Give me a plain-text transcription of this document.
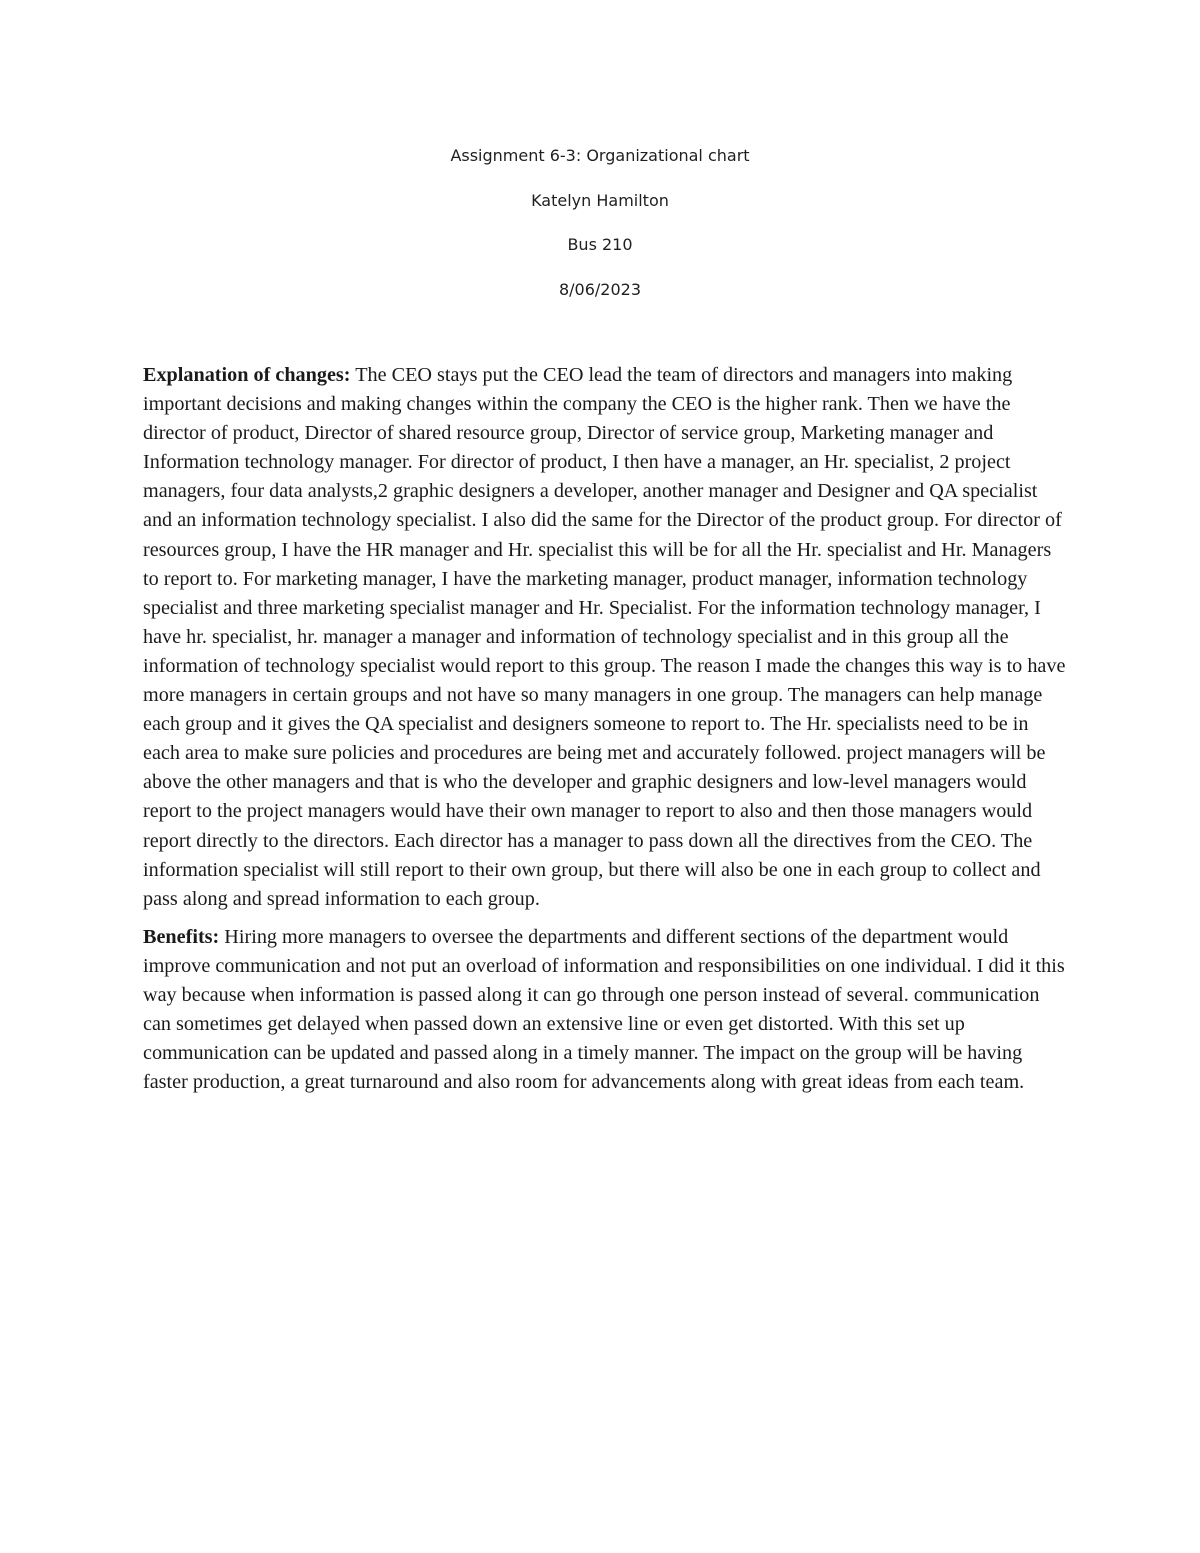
Assignment 6-3: Organizational chart

Katelyn Hamilton

Bus 210

8/06/2023

Explanation of changes: The CEO stays put the CEO lead the team of directors and managers into making important decisions and making changes within the company the CEO is the higher rank. Then we have the director of product, Director of shared resource group, Director of service group, Marketing manager and Information technology manager. For director of product, I then have a manager, an Hr. specialist, 2 project managers, four data analysts,2 graphic designers a developer, another manager and Designer and QA specialist and an information technology specialist. I also did the same for the Director of the product group. For director of resources group, I have the HR manager and Hr. specialist this will be for all the Hr. specialist and Hr. Managers to report to. For marketing manager, I have the marketing manager, product manager, information technology specialist and three marketing specialist manager and Hr. Specialist. For the information technology manager, I have hr. specialist, hr. manager a manager and information of technology specialist and in this group all the information of technology specialist would report to this group. The reason I made the changes this way is to have more managers in certain groups and not have so many managers in one group. The managers can help manage each group and it gives the QA specialist and designers someone to report to. The Hr. specialists need to be in each area to make sure policies and procedures are being met and accurately followed. project managers will be above the other managers and that is who the developer and graphic designers and low-level managers would report to the project managers would have their own manager to report to also and then those managers would report directly to the directors. Each director has a manager to pass down all the directives from the CEO. The information specialist will still report to their own group, but there will also be one in each group to collect and pass along and spread information to each group.

Benefits: Hiring more managers to oversee the departments and different sections of the department would improve communication and not put an overload of information and responsibilities on one individual. I did it this way because when information is passed along it can go through one person instead of several. communication can sometimes get delayed when passed down an extensive line or even get distorted. With this set up communication can be updated and passed along in a timely manner. The impact on the group will be having faster production, a great turnaround and also room for advancements along with great ideas from each team.
